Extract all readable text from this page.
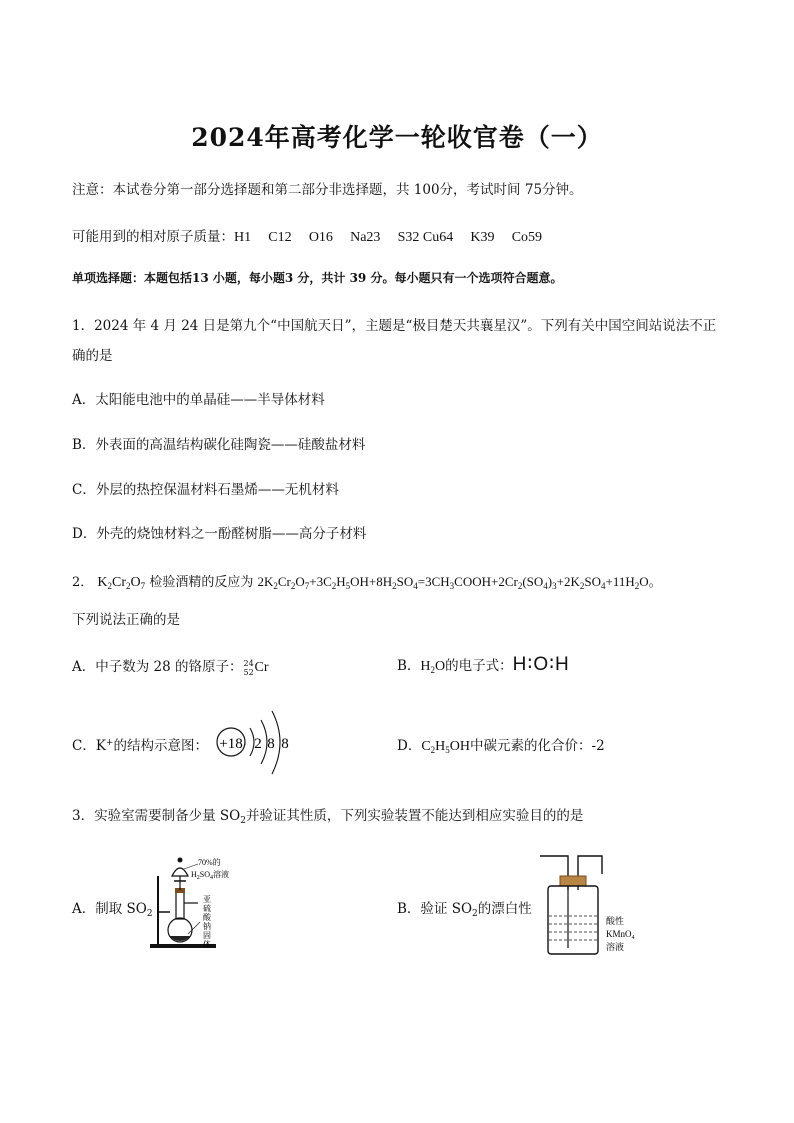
2024年高考化学一轮收官卷（一）
注意：本试卷分第一部分选择题和第二部分非选择题，共 100分，考试时间 75分钟。
可能用到的相对原子质量：H1 C12 O16 Na23 S32 Cu64 K39 Co59
单项选择题：本题包括13 小题，每小题3 分，共计 39 分。每小题只有一个选项符合题意。
1．2024 年 4 月 24 日是第九个“中国航天日”，主题是“极目楚天共襄星汉”。下列有关中国空间站说法不正
确的是
A．太阳能电池中的单晶硅——半导体材料
B．外表面的高温结构碳化硅陶瓷——硅酸盐材料
C．外层的热控保温材料石墨烯——无机材料
D．外壳的烧蚀材料之一酚醛树脂——高分子材料
2． $K_2Cr_2O_7$ 检验酒精的反应为 $2K_2Cr_2O_7+3C_2H_5OH+8H_2SO_4=3CH_3COOH+2Cr_2(SO_4)_3+2K_2SO_4+11H_2O$。
下列说法正确的是
A．中子数为 28 的铬原子： 24
52 Cr	B．$H_2O$的电子式：H∶O∶H
C．K+的结构示意图： +18 2 8 8	D．$C_2H_5OH$中碳元素的化合价：-2
3．实验室需要制备少量 $SO_2$并验证其性质，下列实验装置不能达到相应实验目的的是
A．制取 $SO_2$
70%的
$H_2SO_4$溶液
亚
硫
酸
钠
固
体
B．验证 $SO_2$的漂白性
酸性
KMnO$_4$
溶液
